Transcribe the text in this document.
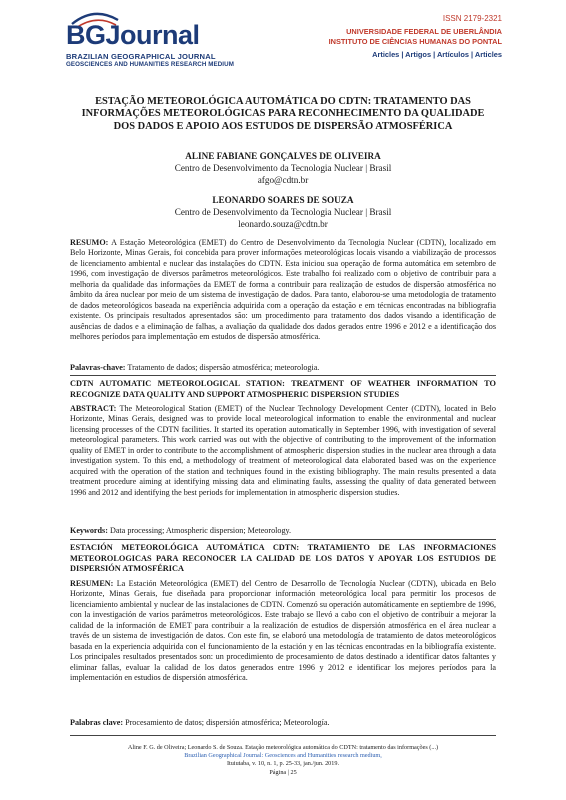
BGJournal
BRAZILIAN GEOGRAPHICAL JOURNAL
GEOSCIENCES AND HUMANITIES RESEARCH MEDIUM
ISSN 2179-2321
UNIVERSIDADE FEDERAL DE UBERLÂNDIA
INSTITUTO DE CIÊNCIAS HUMANAS DO PONTAL
Articles | Artigos | Artículos | Articles
ESTAÇÃO METEOROLÓGICA AUTOMÁTICA DO CDTN: TRATAMENTO DAS INFORMAÇÕES METEOROLÓGICAS PARA RECONHECIMENTO DA QUALIDADE DOS DADOS E APOIO AOS ESTUDOS DE DISPERSÃO ATMOSFÉRICA
ALINE FABIANE GONÇALVES DE OLIVEIRA
Centro de Desenvolvimento da Tecnologia Nuclear | Brasil
afgo@cdtn.br
LEONARDO SOARES DE SOUZA
Centro de Desenvolvimento da Tecnologia Nuclear | Brasil
leonardo.souza@cdtn.br
RESUMO: A Estação Meteorológica (EMET) do Centro de Desenvolvimento da Tecnologia Nuclear (CDTN), localizado em Belo Horizonte, Minas Gerais, foi concebida para prover informações meteorológicas locais visando a viabilização de processos de licenciamento ambiental e nuclear das instalações do CDTN. Esta iniciou sua operação de forma automática em setembro de 1996, com investigação de diversos parâmetros meteorológicos. Este trabalho foi realizado com o objetivo de contribuir para a melhoria da qualidade das informações da EMET de forma a contribuir para realização de estudos de dispersão atmosférica no âmbito da área nuclear por meio de um sistema de investigação de dados. Para tanto, elaborou-se uma metodologia de tratamento de dados meteorológicos baseada na experiência adquirida com a operação da estação e em técnicas encontradas na bibliografia existente. Os principais resultados apresentados são: um procedimento para tratamento dos dados visando a identificação de ausências de dados e a eliminação de falhas, a avaliação da qualidade dos dados gerados entre 1996 e 2012 e a identificação dos melhores períodos para implementação em estudos de dispersão atmosférica.
Palavras-chave: Tratamento de dados; dispersão atmosférica; meteorologia.
CDTN AUTOMATIC METEOROLOGICAL STATION: TREATMENT OF WEATHER INFORMATION TO RECOGNIZE DATA QUALITY AND SUPPORT ATMOSPHERIC DISPERSION STUDIES
ABSTRACT: The Meteorological Station (EMET) of the Nuclear Technology Development Center (CDTN), located in Belo Horizonte, Minas Gerais, designed was to provide local meteorological information to enable the environmental and nuclear licensing processes of the CDTN facilities. It started its operation automatically in September 1996, with investigation of several meteorological parameters. This work carried was out with the objective of contributing to the improvement of the information quality of EMET in order to contribute to the accomplishment of atmospheric dispersion studies in the nuclear area through a data investigation system. To this end, a methodology of treatment of meteorological data elaborated based was on the experience acquired with the operation of the station and techniques found in the existing bibliography. The main results presented a data treatment procedure aiming at identifying missing data and eliminating faults, assessing the quality of data generated between 1996 and 2012 and identifying the best periods for implementation in atmospheric dispersion studies.
Keywords: Data processing; Atmospheric dispersion; Meteorology.
ESTACIÓN METEOROLÓGICA AUTOMÁTICA CDTN: TRATAMIENTO DE LAS INFORMACIONES METEOROLOGICAS PARA RECONOCER LA CALIDAD DE LOS DATOS Y APOYAR LOS ESTUDIOS DE DISPERSIÓN ATMOSFÉRICA
RESUMEN: La Estación Meteorológica (EMET) del Centro de Desarrollo de Tecnología Nuclear (CDTN), ubicada en Belo Horizonte, Minas Gerais, fue diseñada para proporcionar información meteorológica local para permitir los procesos de licenciamiento ambiental y nuclear de las instalaciones de CDTN. Comenzó su operación automáticamente en septiembre de 1996, con la investigación de varios parámetros meteorológicos. Este trabajo se llevó a cabo con el objetivo de contribuir a mejorar la calidad de la información de EMET para contribuir a la realización de estudios de dispersión atmosférica en el área nuclear a través de un sistema de investigación de datos. Con este fin, se elaboró una metodología de tratamiento de datos meteorológicos basada en la experiencia adquirida con el funcionamiento de la estación y en las técnicas encontradas en la bibliografía existente. Los principales resultados presentados son: un procedimiento de procesamiento de datos destinado a identificar datos faltantes y eliminar fallas, evaluar la calidad de los datos generados entre 1996 y 2012 e identificar los mejores períodos para la implementación en estudios de dispersión atmosférica.
Palabras clave: Procesamiento de datos; dispersión atmosférica; Meteorología.
Aline F. G. de Oliveira; Leonardo S. de Souza. Estação meteorológica automática do CDTN: tratamento das informações (...)
Brazilian Geographical Journal: Geosciences and Humanities research medium,
Ituiutaba, v. 10, n. 1, p. 25-33, jan./jun. 2019.
Página | 25
